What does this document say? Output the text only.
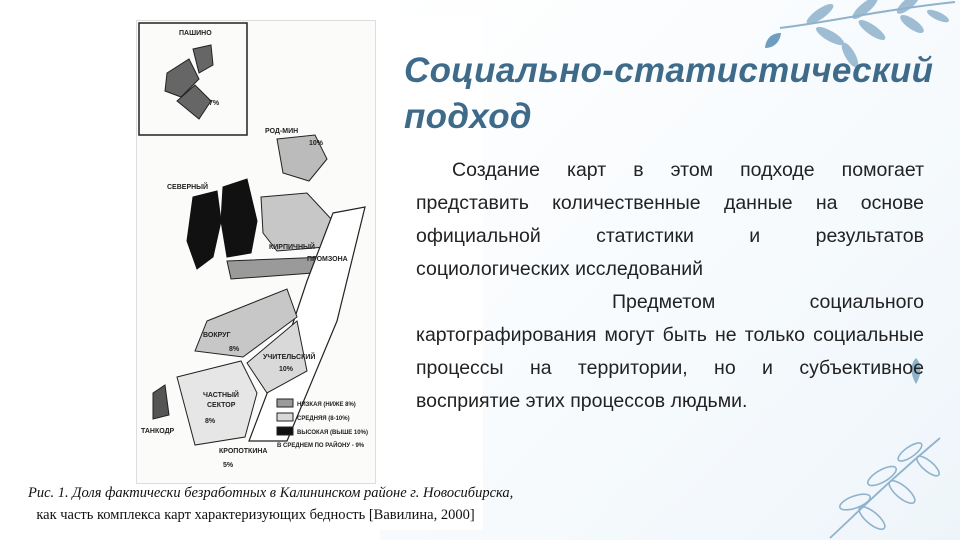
ПАШИНО
7%
РОД-МИН
10%
СЕВЕРНЫЙ
КИРПИЧНЫЙ
ПРОМЗОНА
ВОКРУГ
8%
УЧИТЕЛЬСКИЙ
10%
ЧАСТНЫЙ
СЕКТОР
8%
ТАНКОДР
КРОПОТКИНА
5%
НИЗКАЯ (НИЖЕ 8%)
СРЕДНЯЯ (8-10%)
ВЫСОКАЯ (ВЫШЕ 10%)
В СРЕДНЕМ ПО РАЙОНУ - 9%
Рис. 1. Доля фактически безработных в Калининском районе г. Новосибирска,
как часть комплекса карт характеризующих бедность [Вавилина, 2000]
Социально-статистический подход

Создание карт в этом подходе помогает представить количественные данные на основе официальной статистики и результатов социологических исследований

Предметом социального картографирования могут быть не только социальные процессы на территории, но и субъективное восприятие этих процессов людьми.
